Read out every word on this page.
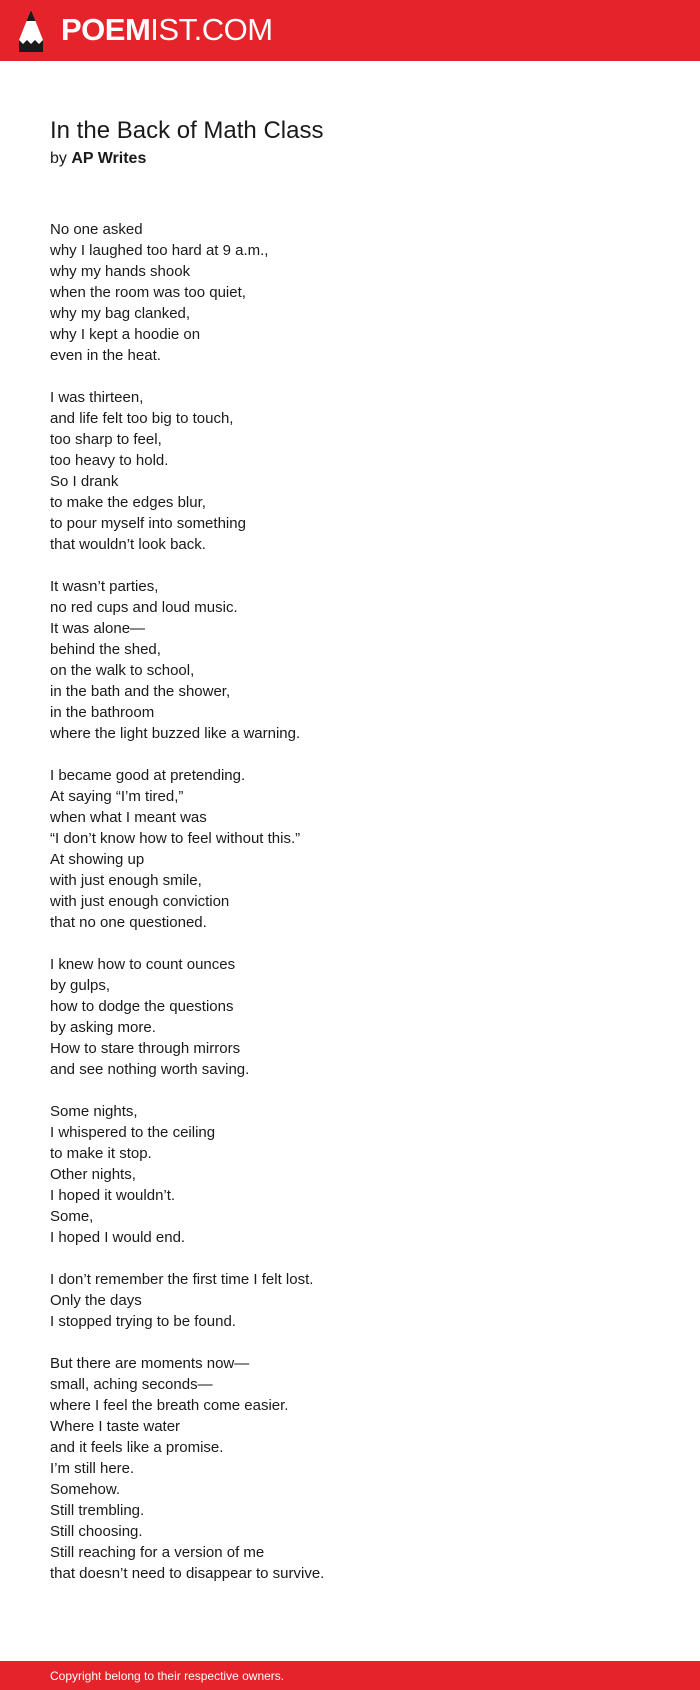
POEMIST.COM
In the Back of Math Class
by AP Writes
No one asked
why I laughed too hard at 9 a.m.,
why my hands shook
when the room was too quiet,
why my bag clanked,
why I kept a hoodie on
even in the heat.
I was thirteen,
and life felt too big to touch,
too sharp to feel,
too heavy to hold.
So I drank
to make the edges blur,
to pour myself into something
that wouldn’t look back.
It wasn’t parties,
no red cups and loud music.
It was alone—
behind the shed,
on the walk to school,
in the bath and the shower,
in the bathroom
where the light buzzed like a warning.
I became good at pretending.
At saying “I’m tired,”
when what I meant was
“I don’t know how to feel without this.”
At showing up
with just enough smile,
with just enough conviction
that no one questioned.
I knew how to count ounces
by gulps,
how to dodge the questions
by asking more.
How to stare through mirrors
and see nothing worth saving.
Some nights,
I whispered to the ceiling
to make it stop.
Other nights,
I hoped it wouldn’t.
Some,
I hoped I would end.
I don’t remember the first time I felt lost.
Only the days
I stopped trying to be found.
But there are moments now—
small, aching seconds—
where I feel the breath come easier.
Where I taste water
and it feels like a promise.
I’m still here.
Somehow.
Still trembling.
Still choosing.
Still reaching for a version of me
that doesn’t need to disappear to survive.
Copyright belong to their respective owners.
